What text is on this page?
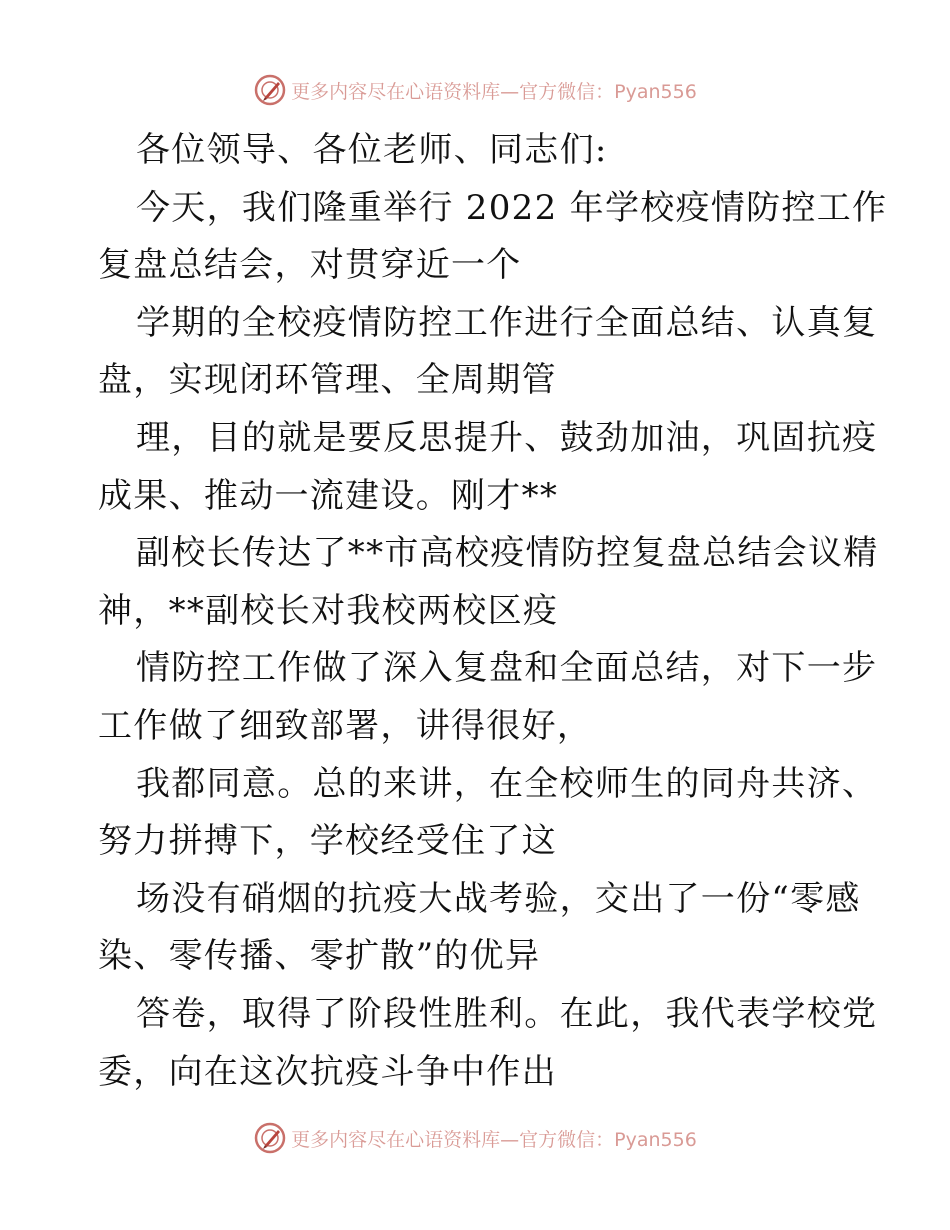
更多内容尽在心语资料库—官方微信：Pyan556
各位领导、各位老师、同志们:
今天，我们隆重举行 2022 年学校疫情防控工作
复盘总结会，对贯穿近一个
学期的全校疫情防控工作进行全面总结、认真复
盘，实现闭环管理、全周期管
理，目的就是要反思提升、鼓劲加油，巩固抗疫
成果、推动一流建设。刚才**
副校长传达了**市高校疫情防控复盘总结会议精
神，**副校长对我校两校区疫
情防控工作做了深入复盘和全面总结，对下一步
工作做了细致部署，讲得很好，
我都同意。总的来讲，在全校师生的同舟共济、
努力拼搏下，学校经受住了这
场没有硝烟的抗疫大战考验，交出了一份“零感
染、零传播、零扩散”的优异
答卷，取得了阶段性胜利。在此，我代表学校党
委，向在这次抗疫斗争中作出
更多内容尽在心语资料库—官方微信：Pyan556
